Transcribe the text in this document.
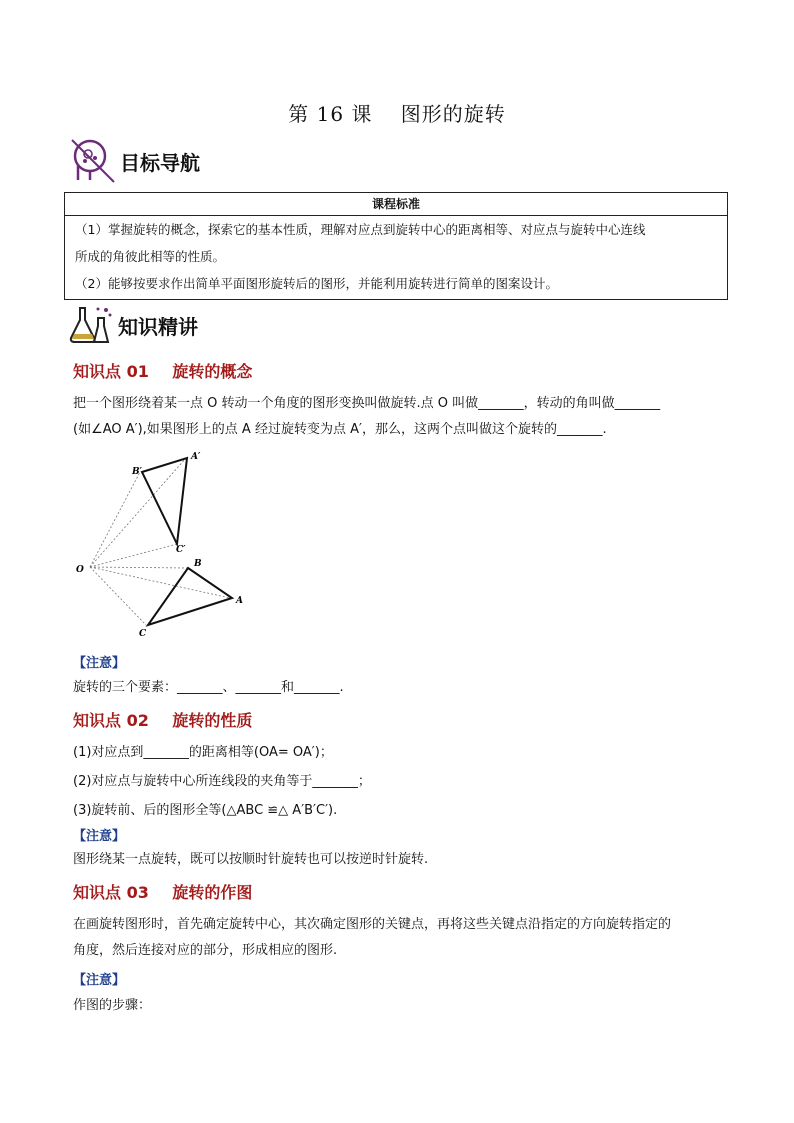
第 16 课　 图形的旋转
目标导航
课程标准
（1）掌握旋转的概念，探索它的基本性质，理解对应点到旋转中心的距离相等、对应点与旋转中心连线
所成的角彼此相等的性质。
（2）能够按要求作出简单平面图形旋转后的图形，并能利用旋转进行简单的图案设计。
知识精讲
知识点 01 旋转的概念
把一个图形绕着某一点 O 转动一个角度的图形变换叫做旋转.点 O 叫做_______，转动的角叫做_______
(如∠AO A′),如果图形上的点 A 经过旋转变为点 A′，那么，这两个点叫做这个旋转的_______.
O
B′
A′
C′
B
A
C
【注意】
旋转的三个要素：_______、_______和_______.
知识点 02 旋转的性质
(1)对应点到_______的距离相等(OA= OA′)；
(2)对应点与旋转中心所连线段的夹角等于_______；
(3)旋转前、后的图形全等(△ABC ≌△ A′B′C′).
【注意】
图形绕某一点旋转，既可以按顺时针旋转也可以按逆时针旋转.
知识点 03 旋转的作图
在画旋转图形时，首先确定旋转中心，其次确定图形的关键点，再将这些关键点沿指定的方向旋转指定的
角度，然后连接对应的部分，形成相应的图形.
【注意】
作图的步骤：
